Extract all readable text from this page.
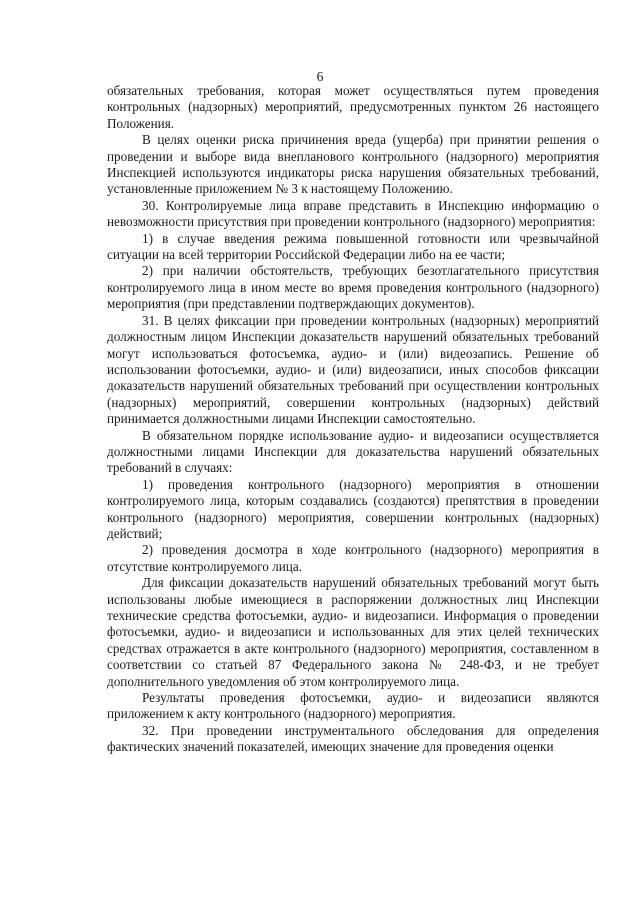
6

обязательных требования, которая может осуществляться путем проведения контрольных (надзорных) мероприятий, предусмотренных пунктом 26 настоящего Положения.

В целях оценки риска причинения вреда (ущерба) при принятии решения о проведении и выборе вида внепланового контрольного (надзорного) мероприятия Инспекцией используются индикаторы риска нарушения обязательных требований, установленные приложением № 3 к настоящему Положению.

30. Контролируемые лица вправе представить в Инспекцию информацию о невозможности присутствия при проведении контрольного (надзорного) мероприятия:

1) в случае введения режима повышенной готовности или чрезвычайной ситуации на всей территории Российской Федерации либо на ее части;

2) при наличии обстоятельств, требующих безотлагательного присутствия контролируемого лица в ином месте во время проведения контрольного (надзорного) мероприятия (при представлении подтверждающих документов).

31. В целях фиксации при проведении контрольных (надзорных) мероприятий должностным лицом Инспекции доказательств нарушений обязательных требований могут использоваться фотосъемка, аудио- и (или) видеозапись. Решение об использовании фотосъемки, аудио- и (или) видеозаписи, иных способов фиксации доказательств нарушений обязательных требований при осуществлении контрольных (надзорных) мероприятий, совершении контрольных (надзорных) действий принимается должностными лицами Инспекции самостоятельно.

В обязательном порядке использование аудио- и видеозаписи осуществляется должностными лицами Инспекции для доказательства нарушений обязательных требований в случаях:

1) проведения контрольного (надзорного) мероприятия в отношении контролируемого лица, которым создавались (создаются) препятствия в проведении контрольного (надзорного) мероприятия, совершении контрольных (надзорных) действий;

2) проведения досмотра в ходе контрольного (надзорного) мероприятия в отсутствие контролируемого лица.

Для фиксации доказательств нарушений обязательных требований могут быть использованы любые имеющиеся в распоряжении должностных лиц Инспекции технические средства фотосъемки, аудио- и видеозаписи. Информация о проведении фотосъемки, аудио- и видеозаписи и использованных для этих целей технических средствах отражается в акте контрольного (надзорного) мероприятия, составленном в соответствии со статьей 87 Федерального закона № 248-ФЗ, и не требует дополнительного уведомления об этом контролируемого лица.

Результаты проведения фотосъемки, аудио- и видеозаписи являются приложением к акту контрольного (надзорного) мероприятия.

32. При проведении инструментального обследования для определения фактических значений показателей, имеющих значение для проведения оценки
